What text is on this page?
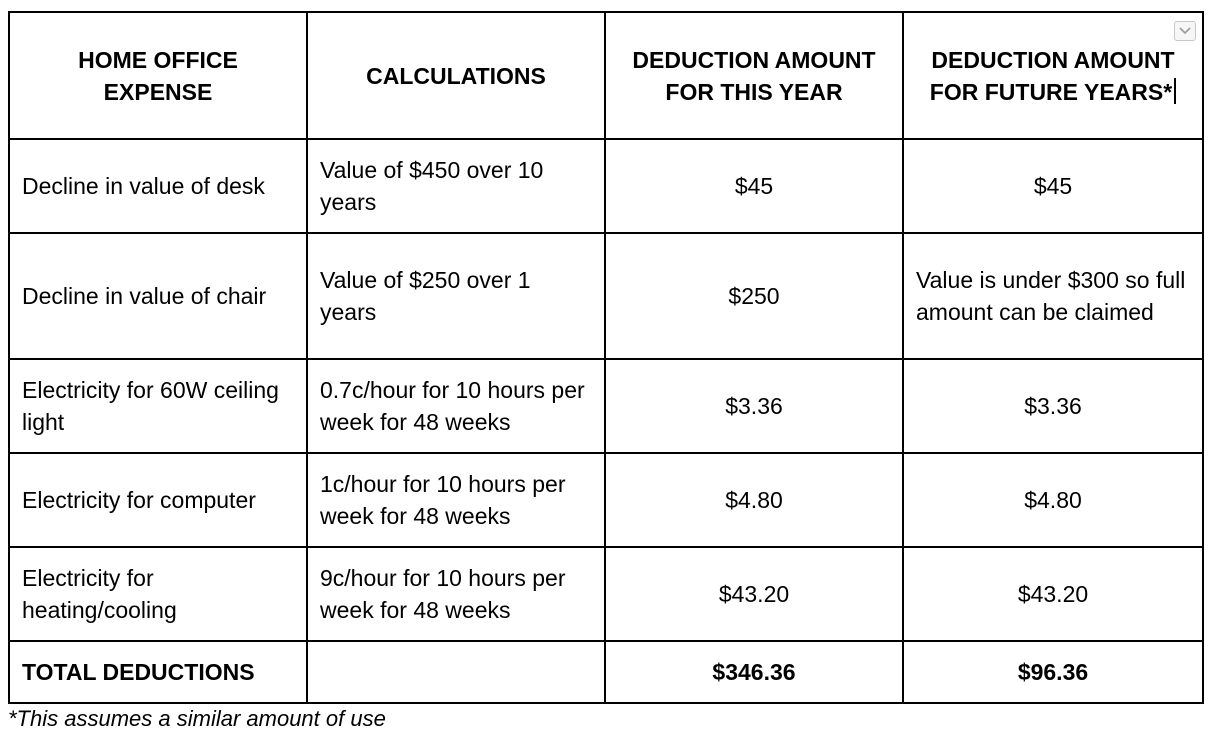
HOME OFFICE EXPENSE	CALCULATIONS	DEDUCTION AMOUNT FOR THIS YEAR	DEDUCTION AMOUNT FOR FUTURE YEARS*

Decline in value of desk	Value of $450 over 10 years	$45	$45
Decline in value of chair	Value of $250 over 1 years	$250	Value is under $300 so full amount can be claimed
Electricity for 60W ceiling light	0.7c/hour for 10 hours per week for 48 weeks	$3.36	$3.36
Electricity for computer	1c/hour for 10 hours per week for 48 weeks	$4.80	$4.80
Electricity for heating/cooling	9c/hour for 10 hours per week for 48 weeks	$43.20	$43.20
TOTAL DEDUCTIONS		$346.36	$96.36
*This assumes a similar amount of use
